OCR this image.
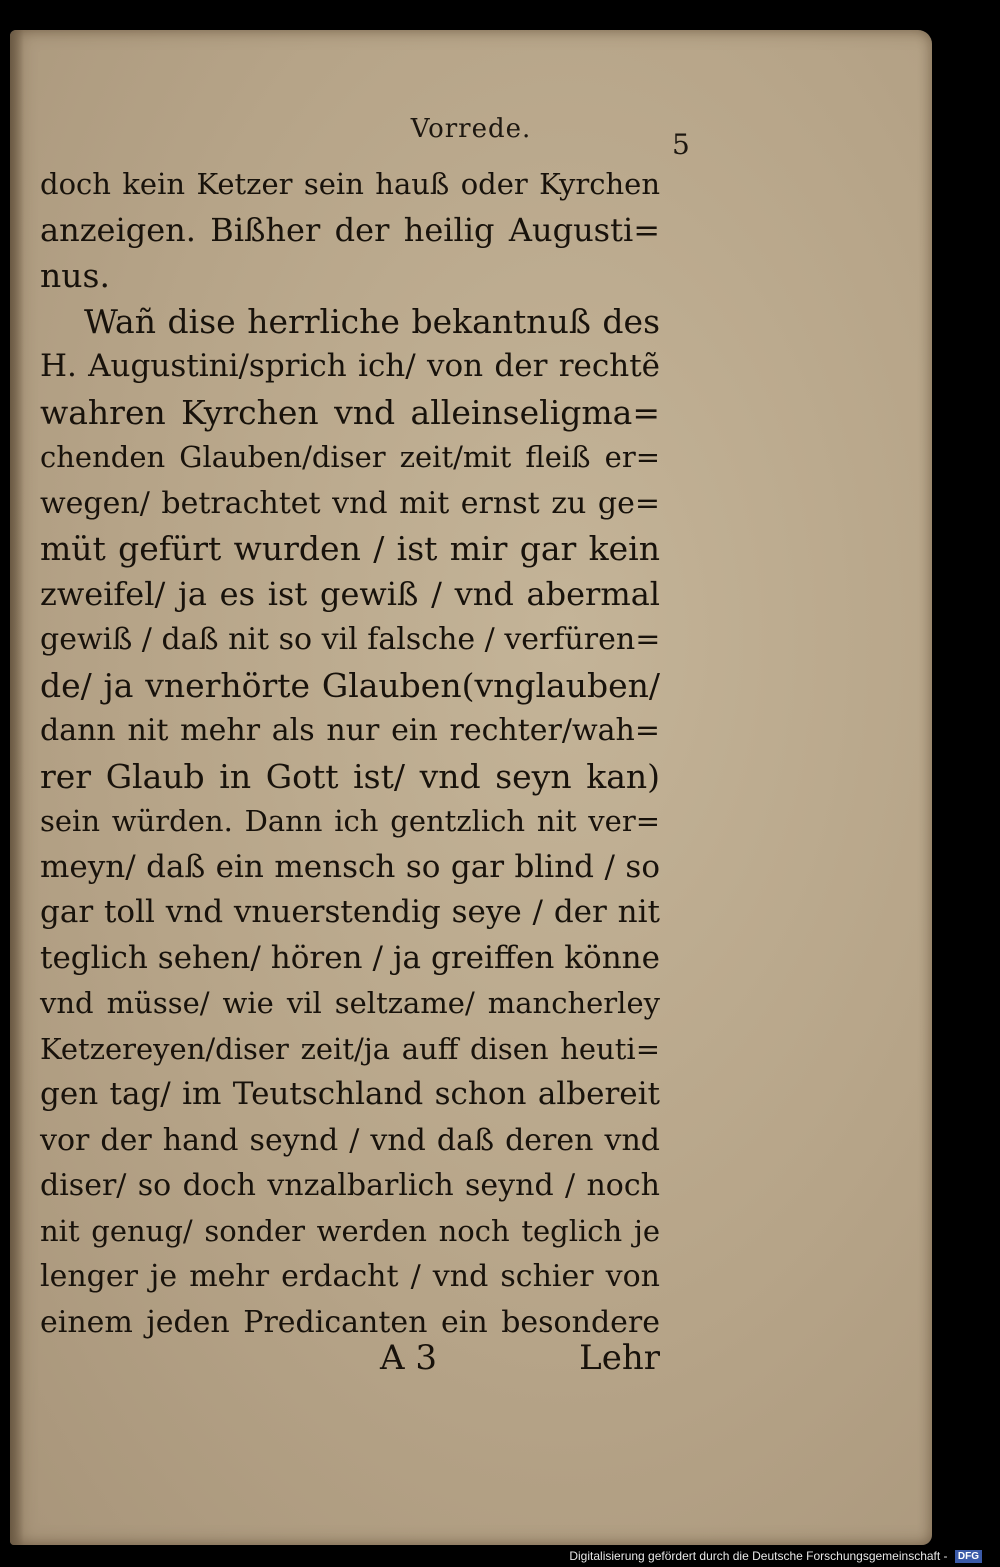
Vorrede.	5
doch kein Ketzer sein hauß oder Kyrchen
anzeigen. Bißher der heilig Augusti=
nus.
Wañ dise herrliche bekantnuß des
H. Augustini/sprich ich/ von der rechtẽ
wahren Kyrchen vnd alleinseligma=
chenden Glauben/diser zeit/mit fleiß er=
wegen/ betrachtet vnd mit ernst zu ge=
müt gefürt wurden / ist mir gar kein
zweifel/ ja es ist gewiß / vnd abermal
gewiß / daß nit so vil falsche / verfüren=
de/ ja vnerhörte Glauben(vnglauben/
dann nit mehr als nur ein rechter/wah=
rer Glaub in Gott ist/ vnd seyn kan)
sein würden. Dann ich gentzlich nit ver=
meyn/ daß ein mensch so gar blind / so
gar toll vnd vnuerstendig seye / der nit
teglich sehen/ hören / ja greiffen könne
vnd müsse/ wie vil seltzame/ mancherley
Ketzereyen/diser zeit/ja auff disen heuti=
gen tag/ im Teutschland schon albereit
vor der hand seynd / vnd daß deren vnd
diser/ so doch vnzalbarlich seynd / noch
nit genug/ sonder werden noch teglich je
lenger je mehr erdacht / vnd schier von
einem jeden Predicanten ein besondere
A 3	Lehr
Digitalisierung gefördert durch die Deutsche Forschungsgemeinschaft - DFG
